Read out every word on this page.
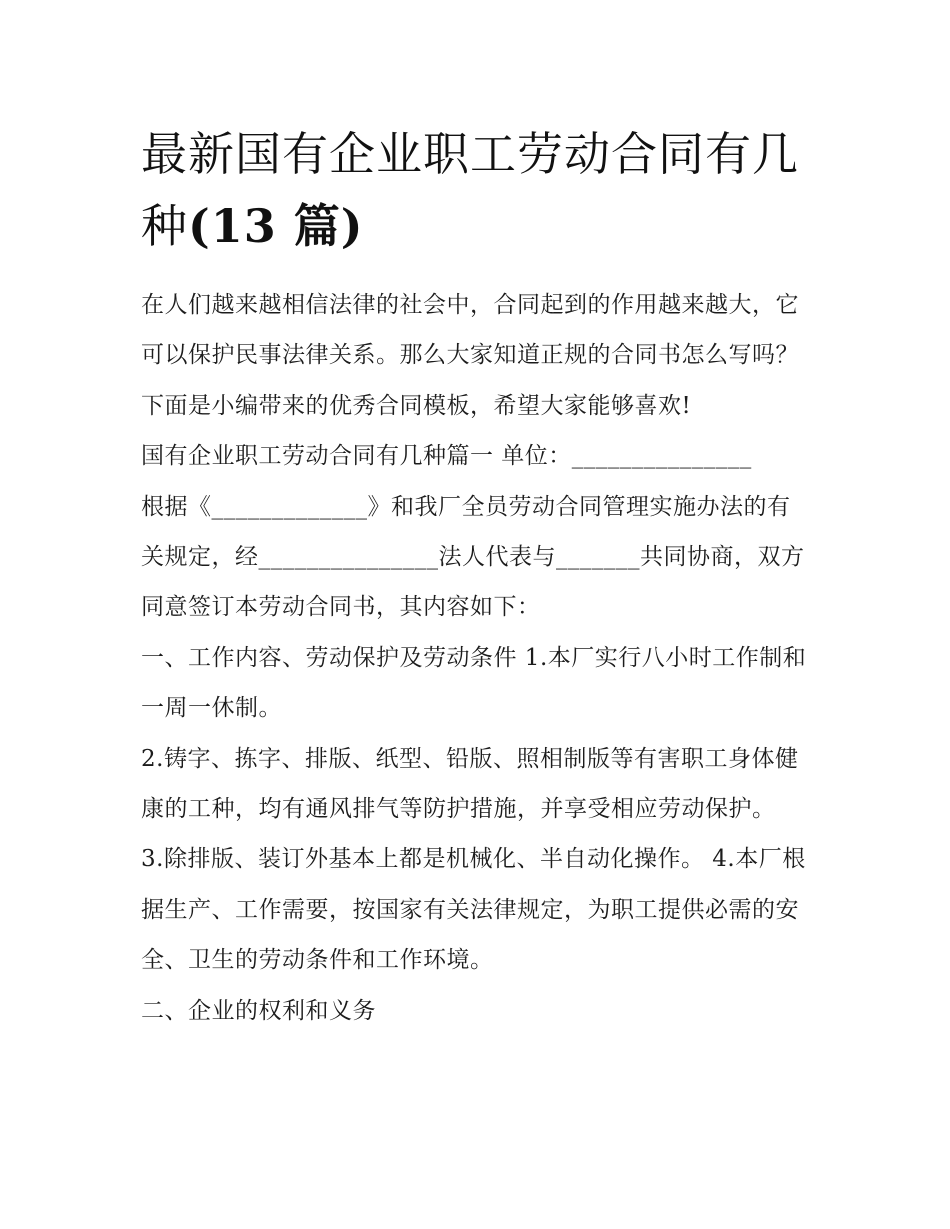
最新国有企业职工劳动合同有几种(13 篇)

在人们越来越相信法律的社会中，合同起到的作用越来越大，它可以保护民事法律关系。那么大家知道正规的合同书怎么写吗？下面是小编带来的优秀合同模板，希望大家能够喜欢!

国有企业职工劳动合同有几种篇一 单位：_______________

根据《_____________》和我厂全员劳动合同管理实施办法的有关规定，经_______________法人代表与_______共同协商，双方同意签订本劳动合同书，其内容如下：

一、工作内容、劳动保护及劳动条件 1.本厂实行八小时工作制和一周一休制。

2.铸字、拣字、排版、纸型、铅版、照相制版等有害职工身体健康的工种，均有通风排气等防护措施，并享受相应劳动保护。

3.除排版、装订外基本上都是机械化、半自动化操作。 4.本厂根据生产、工作需要，按国家有关法律规定，为职工提供必需的安全、卫生的劳动条件和工作环境。

二、企业的权利和义务
